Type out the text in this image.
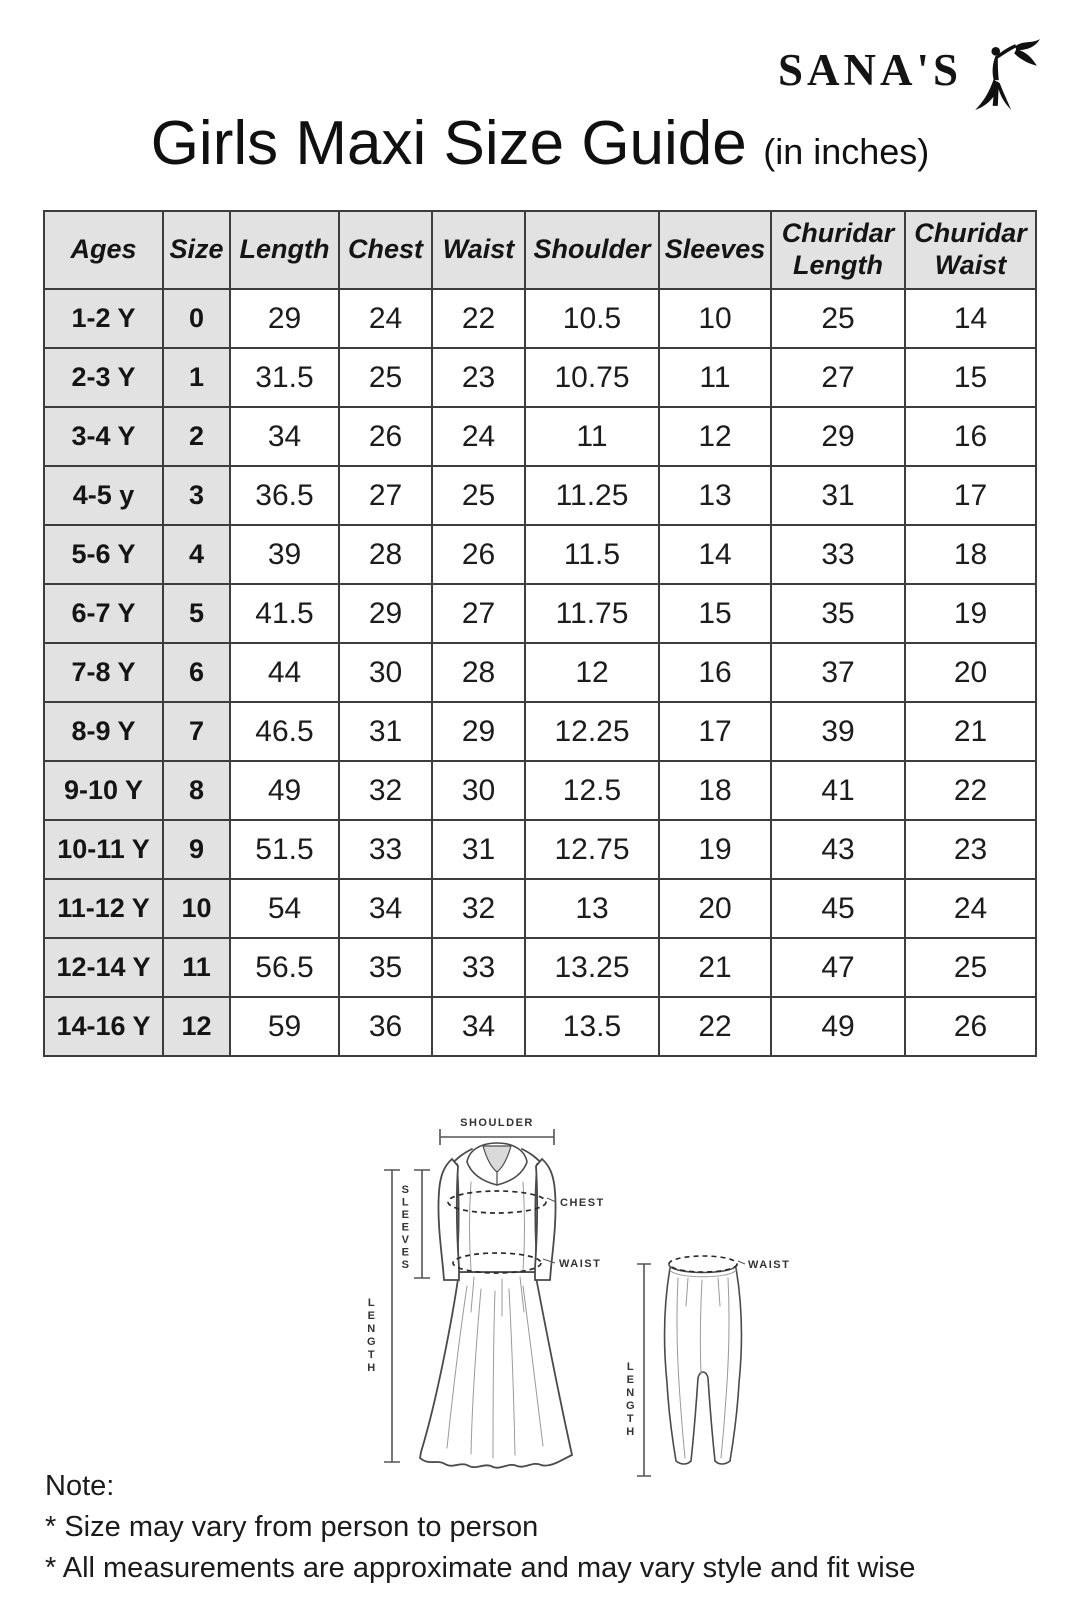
SANA'S
Girls Maxi Size Guide (in inches)
Ages	Size	Length	Chest	Waist	Shoulder	Sleeves	Churidar Length	Churidar Waist
1-2 Y	0	29	24	22	10.5	10	25	14
2-3 Y	1	31.5	25	23	10.75	11	27	15
3-4 Y	2	34	26	24	11	12	29	16
4-5 y	3	36.5	27	25	11.25	13	31	17
5-6 Y	4	39	28	26	11.5	14	33	18
6-7 Y	5	41.5	29	27	11.75	15	35	19
7-8 Y	6	44	30	28	12	16	37	20
8-9 Y	7	46.5	31	29	12.25	17	39	21
9-10 Y	8	49	32	30	12.5	18	41	22
10-11 Y	9	51.5	33	31	12.75	19	43	23
11-12 Y	10	54	34	32	13	20	45	24
12-14 Y	11	56.5	35	33	13.25	21	47	25
14-16 Y	12	59	36	34	13.5	22	49	26
SHOULDER
CHEST
WAIST
S L E E V E S
L E N G T H
WAIST
L E N G T H
Note:
* Size may vary from person to person
* All measurements are approximate and may vary style and fit wise
